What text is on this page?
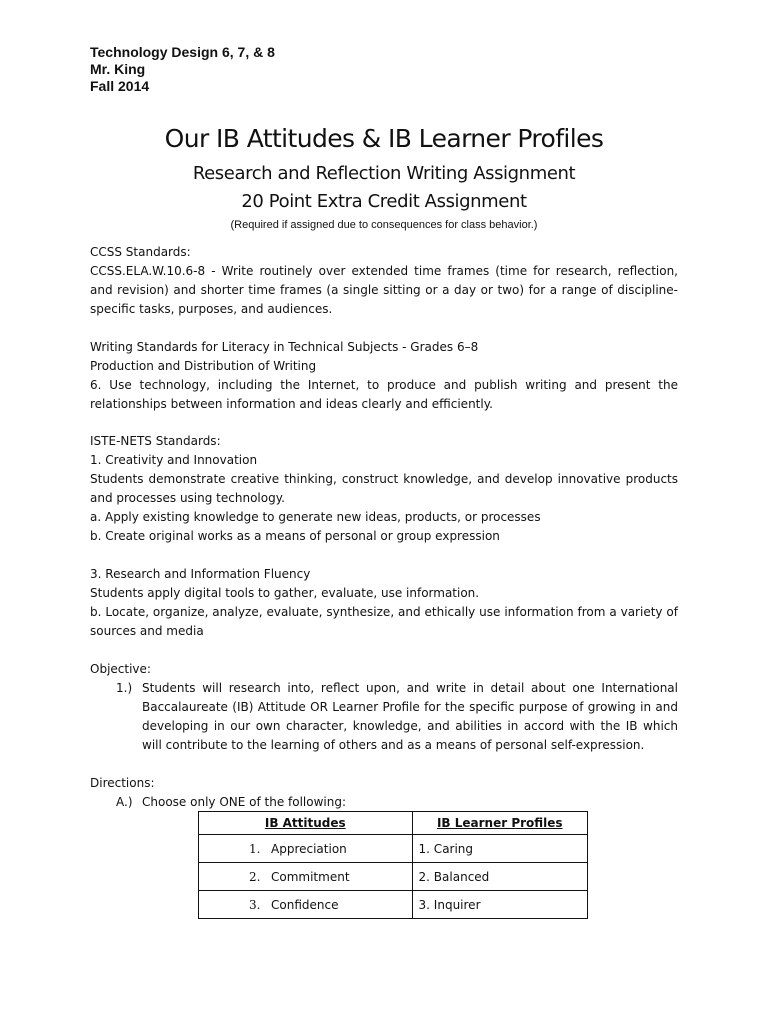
Technology Design 6, 7, & 8
Mr. King
Fall 2014
Our IB Attitudes & IB Learner Profiles
Research and Reflection Writing Assignment
20 Point Extra Credit Assignment
(Required if assigned due to consequences for class behavior.)

CCSS Standards:

CCSS.ELA.W.10.6-8 - Write routinely over extended time frames (time for research, reflection, and revision) and shorter time frames (a single sitting or a day or two) for a range of discipline-specific tasks, purposes, and audiences.

Writing Standards for Literacy in Technical Subjects - Grades 6–8

Production and Distribution of Writing

6. Use technology, including the Internet, to produce and publish writing and present the relationships between information and ideas clearly and efficiently.

ISTE-NETS Standards:

1. Creativity and Innovation

Students demonstrate creative thinking, construct knowledge, and develop innovative products and processes using technology.

a. Apply existing knowledge to generate new ideas, products, or processes

b. Create original works as a means of personal or group expression

3. Research and Information Fluency

Students apply digital tools to gather, evaluate, use information.

b. Locate, organize, analyze, evaluate, synthesize, and ethically use information from a variety of sources and media

Objective:
1.) Students will research into, reflect upon, and write in detail about one International Baccalaureate (IB) Attitude OR Learner Profile for the specific purpose of growing in and developing in our own character, knowledge, and abilities in accord with the IB which will contribute to the learning of others and as a means of personal self-expression.
Directions:
A.) Choose only ONE of the following:
IB Attitudes	IB Learner Profiles

1. Appreciation	1. Caring

2. Commitment	2. Balanced

3. Confidence	3. Inquirer
